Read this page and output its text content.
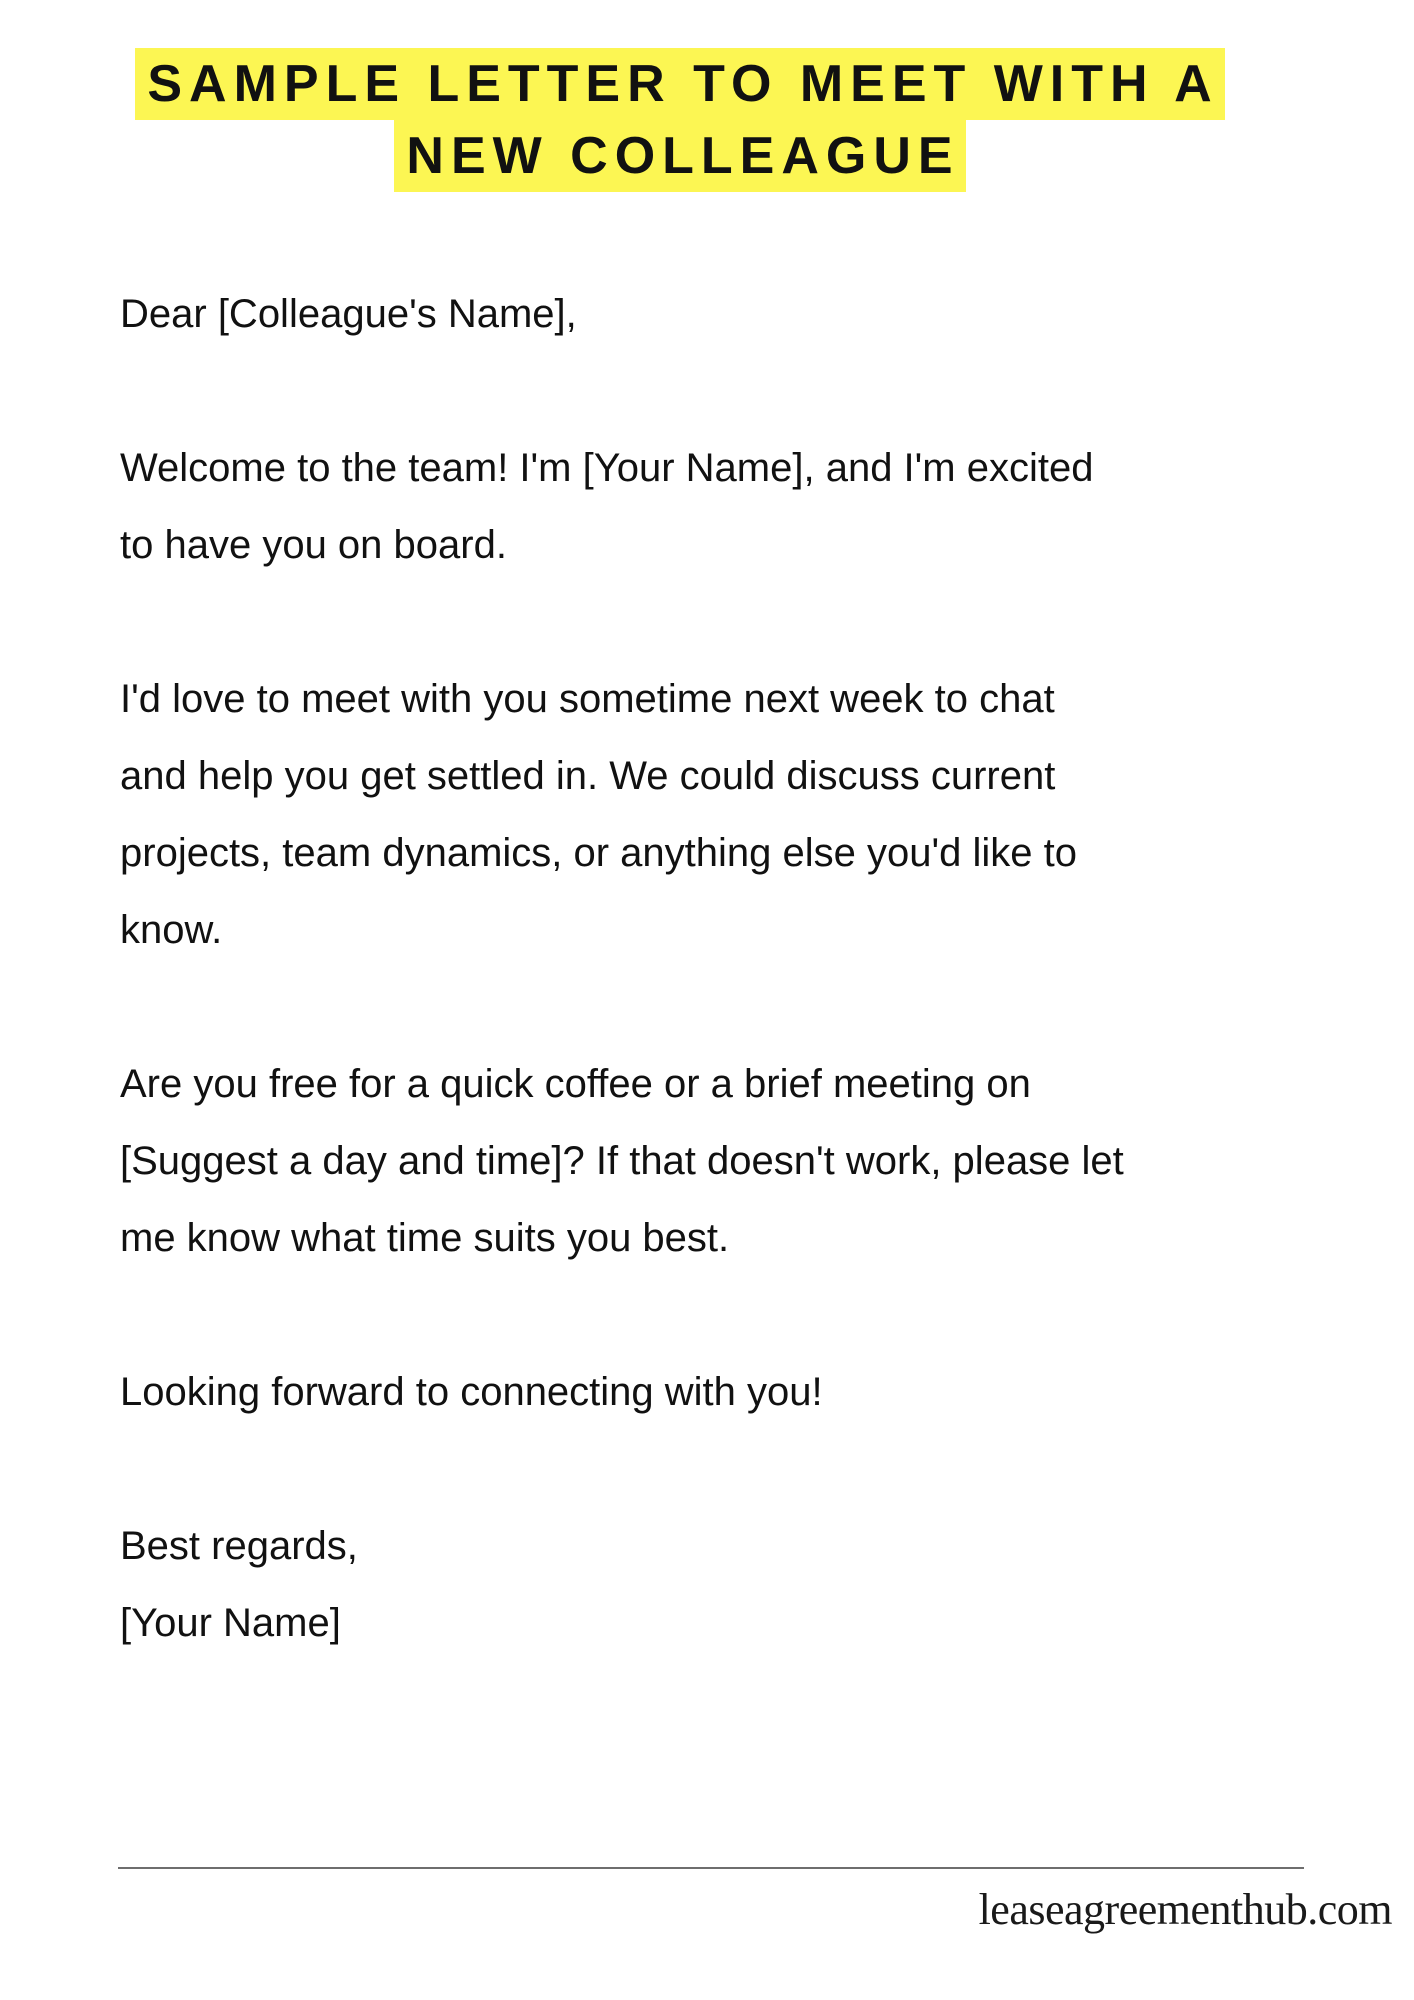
SAMPLE LETTER TO MEET WITH A
NEW COLLEAGUE

Dear [Colleague's Name],

Welcome to the team! I'm [Your Name], and I'm excited
to have you on board.

I'd love to meet with you sometime next week to chat
and help you get settled in. We could discuss current
projects, team dynamics, or anything else you'd like to
know.

Are you free for a quick coffee or a brief meeting on
[Suggest a day and time]? If that doesn't work, please let
me know what time suits you best.

Looking forward to connecting with you!

Best regards,
[Your Name]

leaseagreementhub.com
